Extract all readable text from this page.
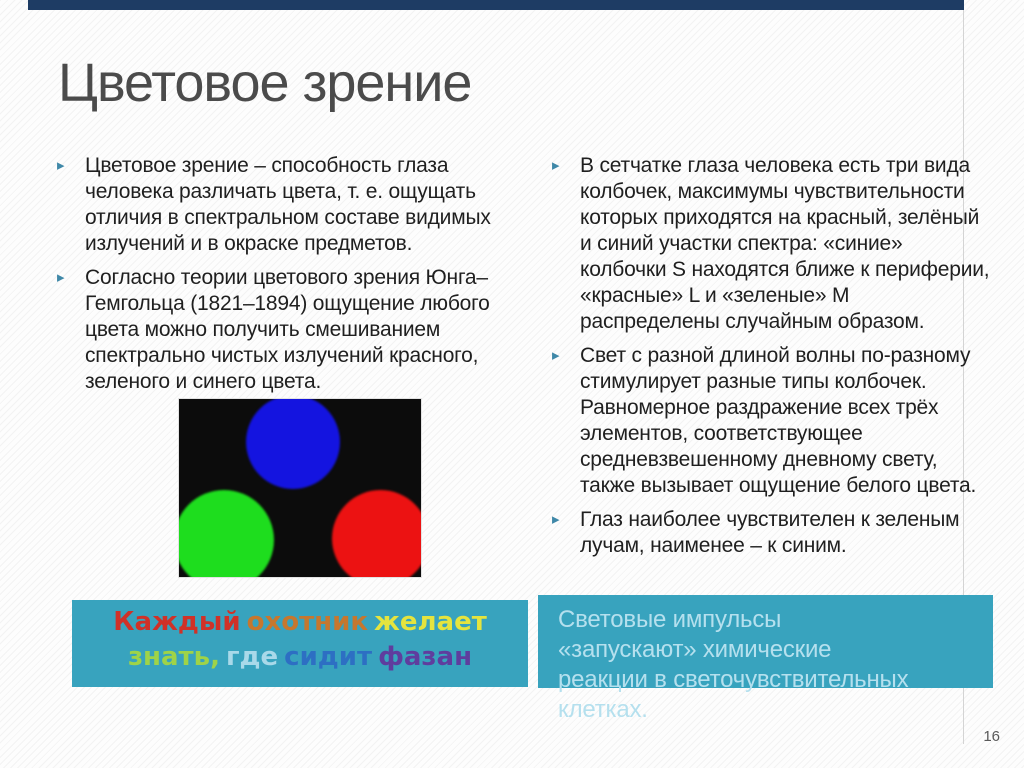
Цветовое зрение
▸ Цветовое зрение – способность глаза человека различать цвета, т. е. ощущать отличия в спектральном составе видимых излучений и в окраске предметов.
▸ Согласно теории цветового зрения Юнга–Гемгольца (1821–1894) ощущение любого цвета можно получить смешиванием спектрально чистых излучений красного, зеленого и синего цвета.
▸ В сетчатке глаза человека есть три вида колбочек, максимумы чувствительности которых приходятся на красный, зелёный и синий участки спектра: «синие» колбочки S находятся ближе к периферии, «красные» L и «зеленые» M распределены случайным образом.
▸ Свет с разной длиной волны по-разному стимулирует разные типы колбочек. Равномерное раздражение всех трёх элементов, соответствующее средневзвешенному дневному свету, также вызывает ощущение белого цвета.
▸ Глаз наиболее чувствителен к зеленым лучам, наименее – к синим.
Каждый охотник желает
знать, где сидит фазан
Световые импульсы «запускают» химические реакции в светочувствительных клетках.
16
